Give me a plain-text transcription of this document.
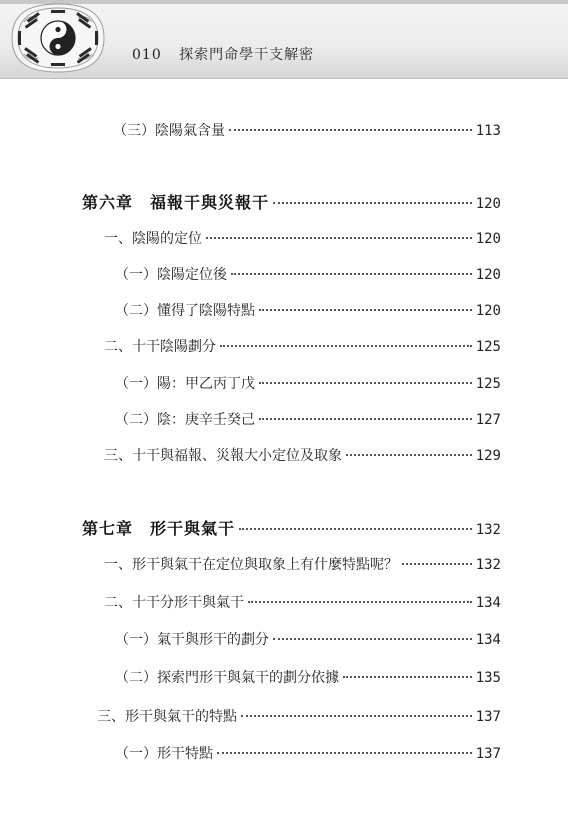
010 探索門命學干支解密
（三）陰陽氣含量	113
第六章　福報干與災報干	120
一、陰陽的定位	120
（一）陰陽定位後	120
（二）懂得了陰陽特點	120
二、十干陰陽劃分	125
（一）陽：甲乙丙丁戊	125
（二）陰：庚辛壬癸己	127
三、十干與福報、災報大小定位及取象	129
第七章　形干與氣干	132
一、形干與氣干在定位與取象上有什麼特點呢？	132
二、十干分形干與氣干	134
（一）氣干與形干的劃分	134
（二）探索門形干與氣干的劃分依據	135
三、形干與氣干的特點	137
（一）形干特點	137
